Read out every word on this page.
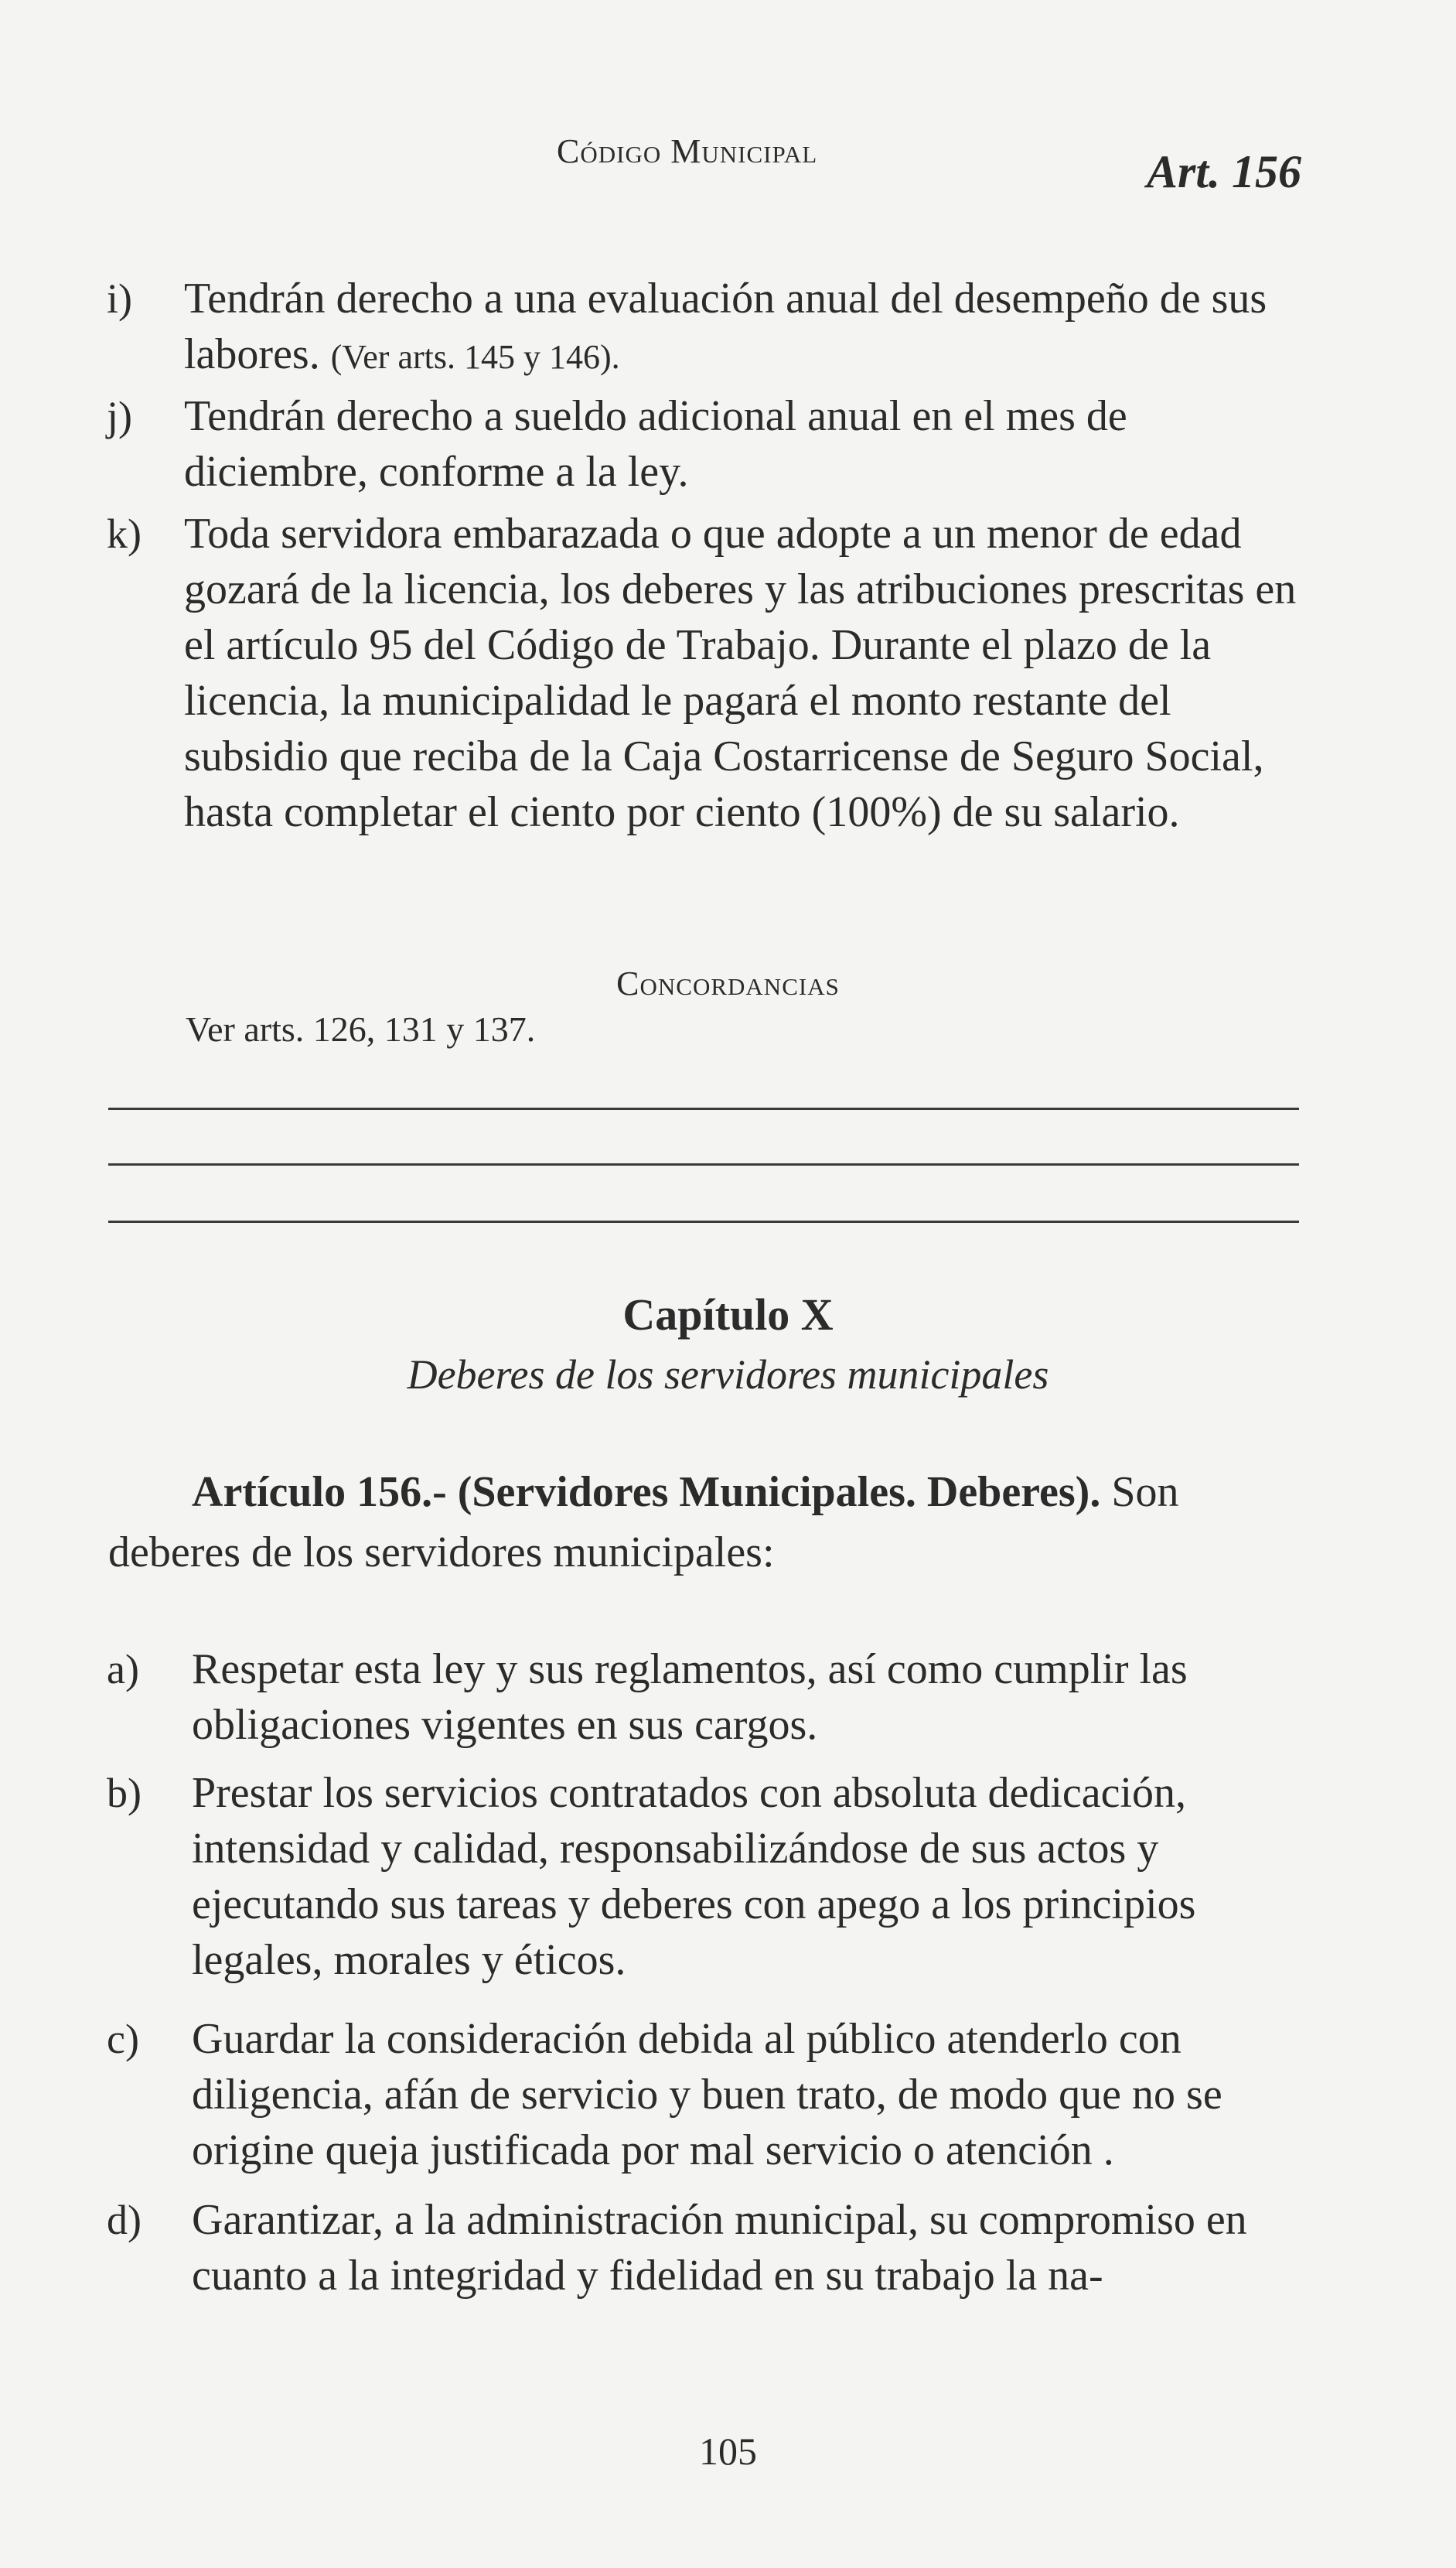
Código Municipal	Art. 156
i) Tendrán derecho a una evaluación anual del desempeño de sus labores. (Ver arts. 145 y 146).
j) Tendrán derecho a sueldo adicional anual en el mes de diciembre, conforme a la ley.
k) Toda servidora embarazada o que adopte a un menor de edad gozará de la licencia, los deberes y las atribuciones prescritas en el artículo 95 del Código de Trabajo. Durante el plazo de la licencia, la municipalidad le pagará el monto restante del subsidio que reciba de la Caja Costarricense de Seguro Social, hasta completar el ciento por ciento (100%) de su salario.
Concordancias
Ver arts. 126, 131 y 137.
Capítulo X
Deberes de los servidores municipales
Artículo 156.- (Servidores Municipales. Deberes). Son deberes de los servidores municipales:
a) Respetar esta ley y sus reglamentos, así como cumplir las obligaciones vigentes en sus cargos.
b) Prestar los servicios contratados con absoluta dedicación, intensidad y calidad, responsabilizándose de sus actos y ejecutando sus tareas y deberes con apego a los principios legales, morales y éticos.
c) Guardar la consideración debida al público atenderlo con diligencia, afán de servicio y buen trato, de modo que no se origine queja justificada por mal servicio o atención .
d) Garantizar, a la administración municipal, su compromiso en cuanto a la integridad y fidelidad en su trabajo la na-
105
